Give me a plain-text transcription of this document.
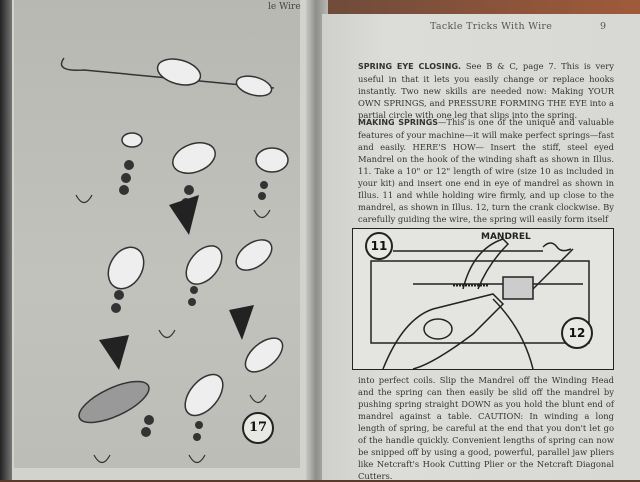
17
le Wire
Tackle Tricks With Wire	9
SPRING EYE CLOSING. See B & C, page 7. This is very useful in that it lets you easily change or replace hooks instantly. Two new skills are needed now: Making YOUR OWN SPRINGS, and PRESSURE FORMING THE EYE into a partial circle with one leg that slips into the spring.
MAKING SPRINGS—This is one of the unique and valuable features of your machine—it will make perfect springs—fast and easily. HERE'S HOW— Insert the stiff, steel eyed Mandrel on the hook of the winding shaft as shown in Illus. 11. Take a 10" or 12" length of wire (size 10 as included in your kit) and insert one end in eye of mandrel as shown in Illus. 11 and while holding wire firmly, and up close to the mandrel, as shown in Illus. 12, turn the crank clockwise. By carefully guiding the wire, the spring will easily form itself
11
MANDREL
12
into perfect coils. Slip the Mandrel off the Winding Head and the spring can then easily be slid off the mandrel by pushing spring straight DOWN as you hold the blunt end of mandrel against a table. CAUTION: In winding a long length of spring, be careful at the end that you don't let go of the handle quickly. Convenient lengths of spring can now be snipped off by using a good, powerful, parallel jaw pliers like Netcraft's Hook Cutting Plier or the Netcraft Diagonal Cutters.
